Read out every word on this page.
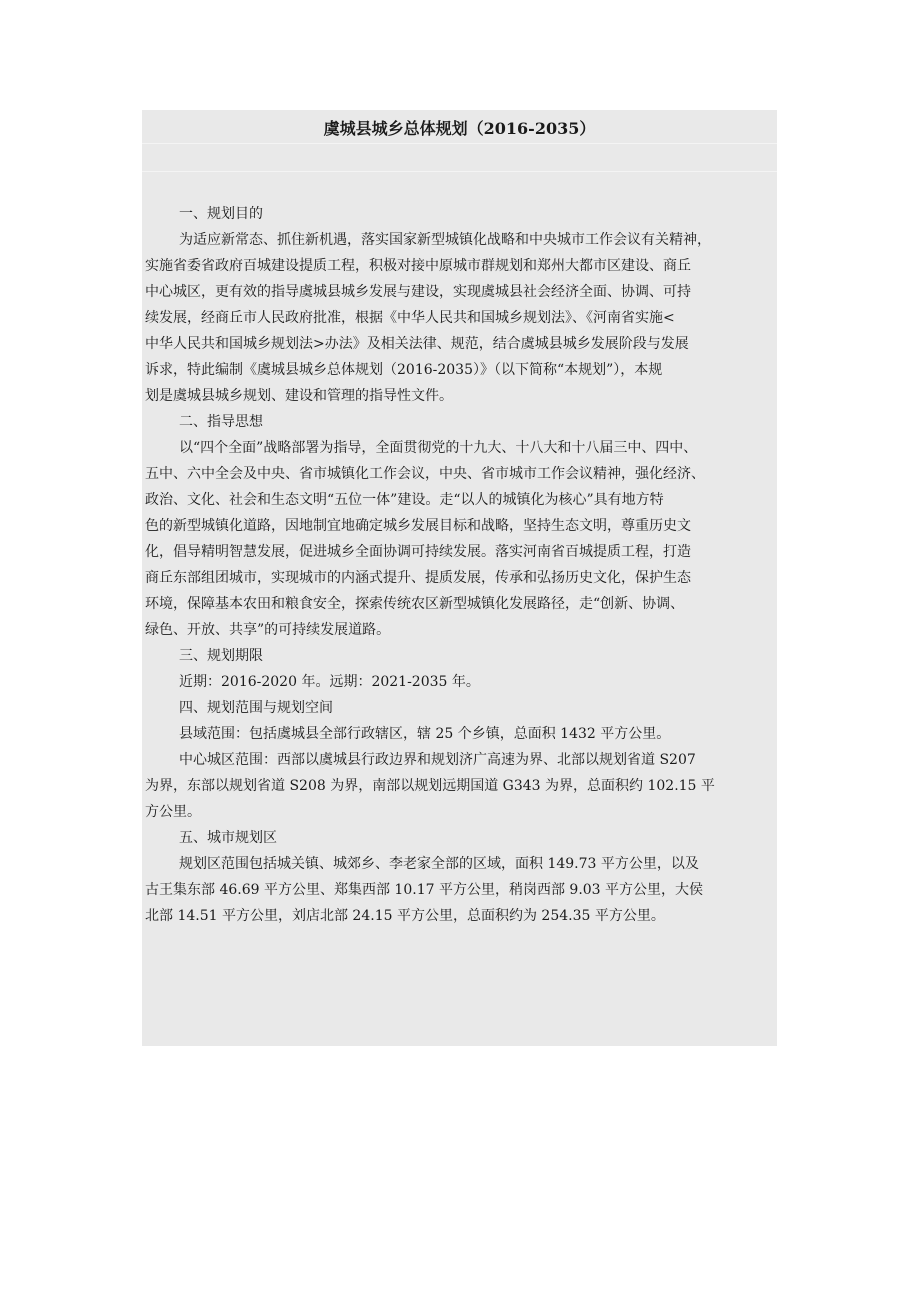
虞城县城乡总体规划（2016-2035）
一、规划目的
为适应新常态、抓住新机遇，落实国家新型城镇化战略和中央城市工作会议有关精神，
实施省委省政府百城建设提质工程，积极对接中原城市群规划和郑州大都市区建设、商丘
中心城区，更有效的指导虞城县城乡发展与建设，实现虞城县社会经济全面、协调、可持
续发展，经商丘市人民政府批准，根据《中华人民共和国城乡规划法》、《河南省实施<
中华人民共和国城乡规划法>办法》及相关法律、规范，结合虞城县城乡发展阶段与发展
诉求，特此编制《虞城县城乡总体规划（2016-2035）》（以下简称“本规划”），本规
划是虞城县城乡规划、建设和管理的指导性文件。
二、指导思想
以“四个全面”战略部署为指导，全面贯彻党的十九大、十八大和十八届三中、四中、
五中、六中全会及中央、省市城镇化工作会议，中央、省市城市工作会议精神，强化经济、
政治、文化、社会和生态文明“五位一体”建设。走“以人的城镇化为核心”具有地方特
色的新型城镇化道路，因地制宜地确定城乡发展目标和战略，坚持生态文明，尊重历史文
化，倡导精明智慧发展，促进城乡全面协调可持续发展。落实河南省百城提质工程，打造
商丘东部组团城市，实现城市的内涵式提升、提质发展，传承和弘扬历史文化，保护生态
环境，保障基本农田和粮食安全，探索传统农区新型城镇化发展路径，走“创新、协调、
绿色、开放、共享”的可持续发展道路。
三、规划期限
近期：2016-2020 年。远期：2021-2035 年。
四、规划范围与规划空间
县域范围：包括虞城县全部行政辖区，辖 25 个乡镇，总面积 1432 平方公里。
中心城区范围：西部以虞城县行政边界和规划济广高速为界、北部以规划省道 S207
为界，东部以规划省道 S208 为界，南部以规划远期国道 G343 为界，总面积约 102.15 平
方公里。
五、城市规划区
规划区范围包括城关镇、城郊乡、李老家全部的区域，面积 149.73 平方公里，以及
古王集东部 46.69 平方公里、郑集西部 10.17 平方公里，稍岗西部 9.03 平方公里，大侯
北部 14.51 平方公里，刘店北部 24.15 平方公里，总面积约为 254.35 平方公里。
